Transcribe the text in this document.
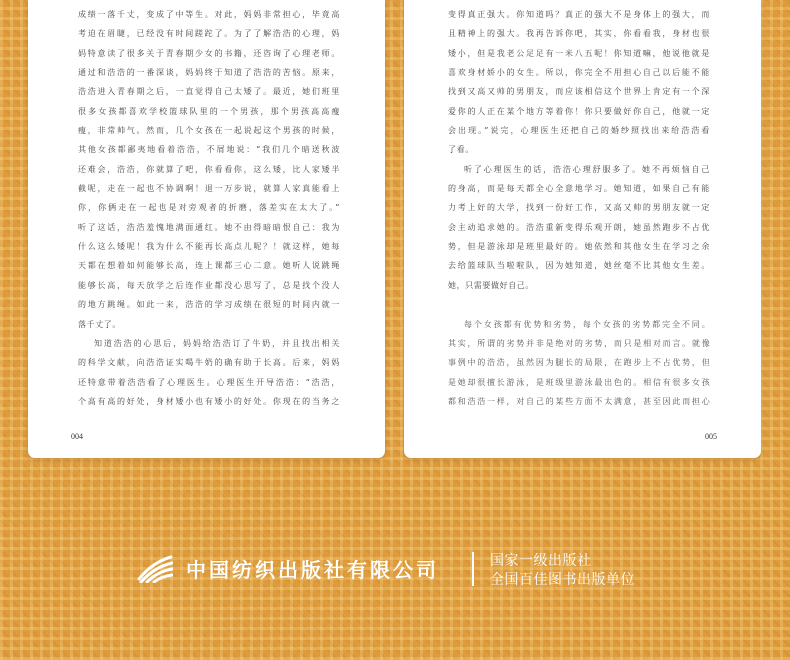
成绩一落千丈，变成了中等生。对此，妈妈非常担心，毕竟高
考迫在眉睫，已经没有时间蹉跎了。为了了解浩浩的心理，妈
妈特意读了很多关于青春期少女的书籍，还咨询了心理老师。
通过和浩浩的一番深谈，妈妈终于知道了浩浩的苦恼。原来，
浩浩进入青春期之后，一直觉得自己太矮了。最近，她们班里
很多女孩都喜欢学校篮球队里的一个男孩，那个男孩高高瘦
瘦，非常帅气。然而，几个女孩在一起说起这个男孩的时候，
其他女孩都鄙夷地看着浩浩，不屑地说：“我们几个暗送秋波
还难会，浩浩，你就算了吧，你看看你，这么矮，比人家矮半
截呢，走在一起也不协调啊！退一万步说，就算人家真能看上
你，你俩走在一起也是对旁观者的折磨，落差实在太大了。”
听了这话，浩浩羞愧地满面通红。她不由得暗暗恨自己：我为
什么这么矮呢！我为什么不能再长高点儿呢？！就这样，她每
天都在想着如何能够长高，连上课都三心二意。她听人说跳绳
能够长高，每天放学之后连作业都没心思写了，总是找个没人
的地方跳绳。如此一来，浩浩的学习成绩在很短的时间内就一
落千丈了。
知道浩浩的心思后，妈妈给浩浩订了牛奶，并且找出相关
的科学文献，向浩浩证实喝牛奶的确有助于长高。后来，妈妈
还特意带着浩浩看了心理医生。心理医生开导浩浩：“浩浩，
个高有高的好处，身材矮小也有矮小的好处。你现在的当务之
004
变得真正强大。你知道吗？真正的强大不是身体上的强大，而
且精神上的强大。我再告诉你吧，其实，你看看我，身材也很
矮小，但是我老公足足有一米八五呢！你知道嘛，他说他就是
喜欢身材娇小的女生。所以，你完全不用担心自己以后能不能
找到又高又帅的男朋友，而应该相信这个世界上肯定有一个深
爱你的人正在某个地方等着你！你只要做好你自己，他就一定
会出现。”说完，心理医生还把自己的婚纱照找出来给浩浩看
了看。
听了心理医生的话，浩浩心理舒服多了。她不再烦恼自己
的身高，而是每天都全心全意地学习。她知道，如果自己有能
力考上好的大学，找到一份好工作，又高又帅的男朋友就一定
会主动追求她的。浩浩重新变得乐观开朗，她虽然跑步不占优
势，但是游泳却是班里最好的。她依然和其他女生在学习之余
去给篮球队当啦啦队，因为她知道，她丝毫不比其他女生差。
她，只需要做好自己。
每个女孩都有优势和劣势，每个女孩的劣势都完全不同。
其实，所谓的劣势并非是绝对的劣势，而只是相对而言。就像
事例中的浩浩，虽然因为腿长的局限，在跑步上不占优势，但
是她却很擅长游泳，是班级里游泳最出色的。相信有很多女孩
都和浩浩一样，对自己的某些方面不太满意，甚至因此而担心
005
中国纺织出版社有限公司	国家一级出版社
全国百佳图书出版单位
